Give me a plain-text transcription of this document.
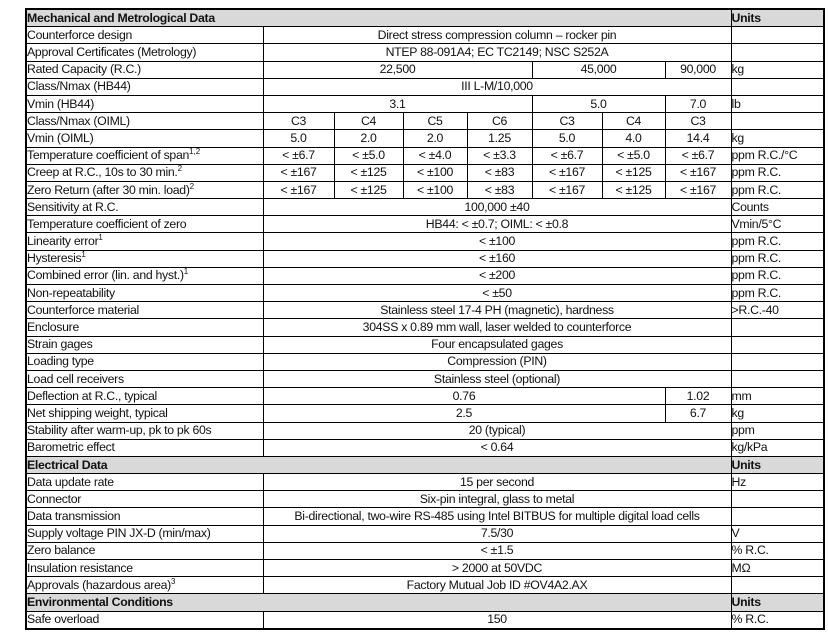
Mechanical and Metrological Data								Units
Counterforce design	Direct stress compression column – rocker pin							
Approval Certificates (Metrology)	NTEP 88-091A4; EC TC2149; NSC S252A							
Rated Capacity (R.C.)	22,500				45,000		90,000	kg
Class/Nmax (HB44)	III L-M/10,000							
Vmin (HB44)	3.1				5.0		7.0	lb
Class/Nmax (OIML)	C3	C4	C5	C6	C3	C4	C3	
Vmin (OIML)	5.0	2.0	2.0	1.25	5.0	4.0	14.4	kg
Temperature coefficient of span$^{1,2}$	< ±6.7	< ±5.0	< ±4.0	< ±3.3	< ±6.7	< ±5.0	< ±6.7	ppm R.C./°C
Creep at R.C., 10s to 30 min.$^2$	< ±167	< ±125	< ±100	< ±83	< ±167	< ±125	< ±167	ppm R.C.
Zero Return (after 30 min. load)$^2$	< ±167	< ±125	< ±100	< ±83	< ±167	< ±125	< ±167	ppm R.C.
Sensitivity at R.C.	100,000 ±40							Counts
Temperature coefficient of zero	HB44: < ±0.7; OIML: < ±0.8							Vmin/5°C
Linearity error$^1$	< ±100							ppm R.C.
Hysteresis$^1$	< ±160							ppm R.C.
Combined error (lin. and hyst.)$^1$	< ±200							ppm R.C.
Non-repeatability	< ±50							ppm R.C.
Counterforce material	Stainless steel 17-4 PH (magnetic), hardness							>R.C.-40
Enclosure	304SS x 0.89 mm wall, laser welded to counterforce							
Strain gages	Four encapsulated gages							
Loading type	Compression (PIN)							
Load cell receivers	Stainless steel (optional)							
Deflection at R.C., typical	0.76						1.02	mm
Net shipping weight, typical	2.5						6.7	kg
Stability after warm-up, pk to pk 60s	20 (typical)							ppm
Barometric effect	< 0.64							kg/kPa
Electrical Data								Units
Data update rate	15 per second							Hz
Connector	Six-pin integral, glass to metal							
Data transmission	Bi-directional, two-wire RS-485 using Intel BITBUS for multiple digital load cells							
Supply voltage PIN JX-D (min/max)	7.5/30							V
Zero balance	< ±1.5							% R.C.
Insulation resistance	> 2000 at 50VDC							MΩ
Approvals (hazardous area)$^3$	Factory Mutual Job ID #OV4A2.AX							
Environmental Conditions								Units
Safe overload	150							% R.C.
